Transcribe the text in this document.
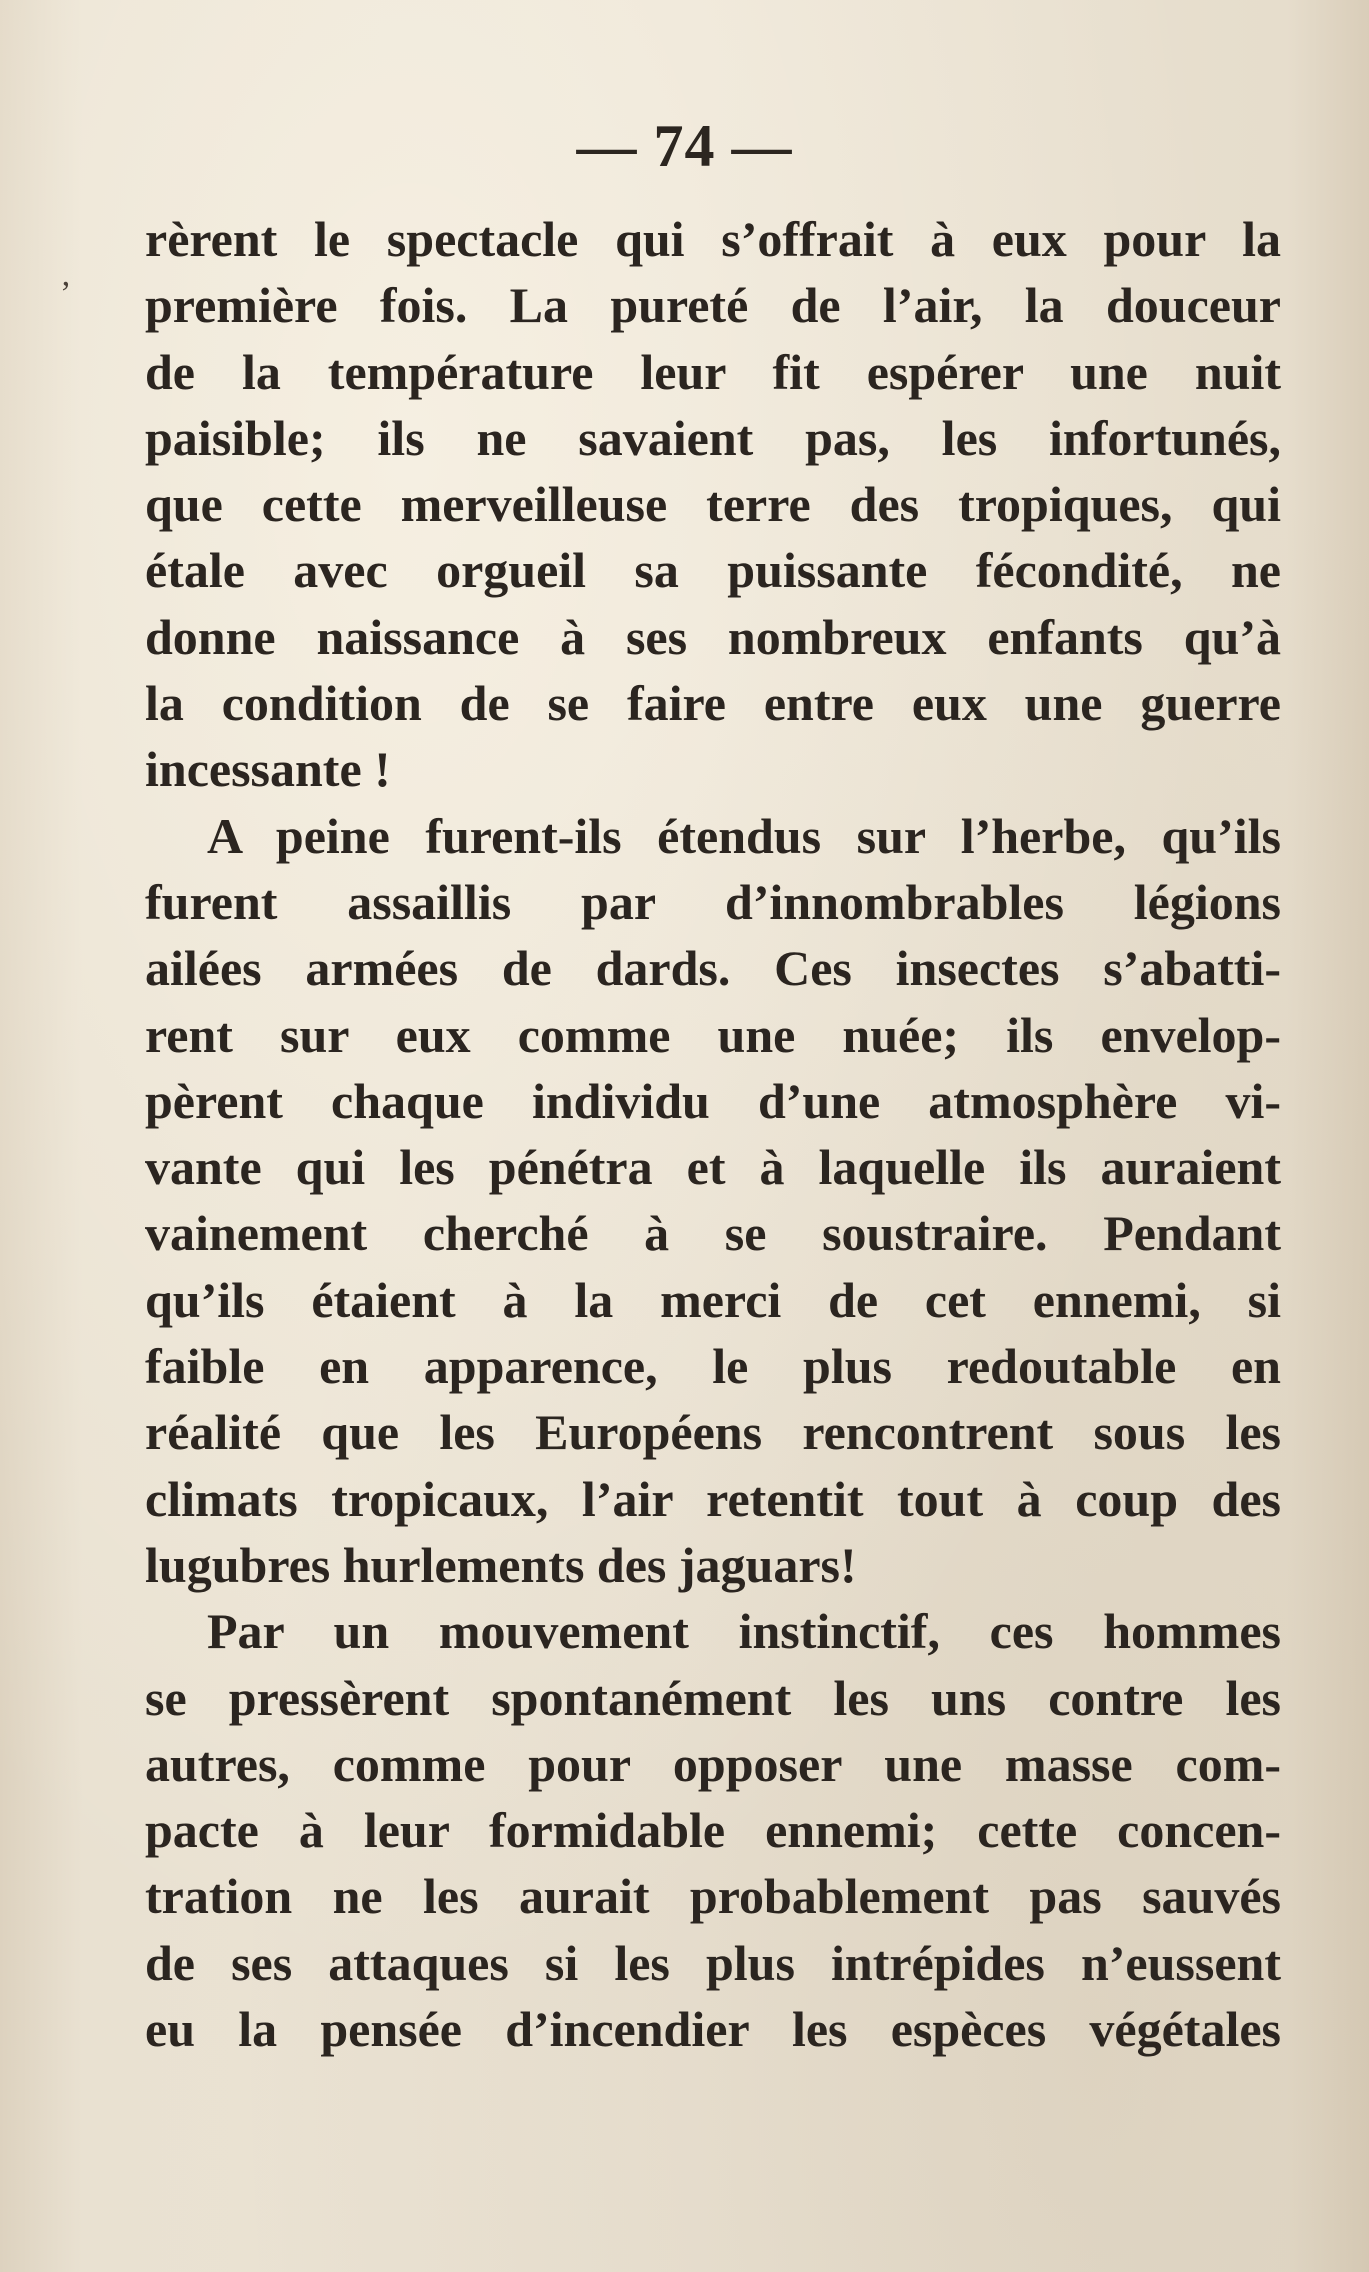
’
— 74 —
rèrent le spectacle qui s’offrait à eux pour la
première fois. La pureté de l’air, la douceur
de la température leur fit espérer une nuit
paisible; ils ne savaient pas, les infortunés,
que cette merveilleuse terre des tropiques, qui
étale avec orgueil sa puissante fécondité, ne
donne naissance à ses nombreux enfants qu’à
la condition de se faire entre eux une guerre
incessante !
A peine furent-ils étendus sur l’herbe, qu’ils
furent assaillis par d’innombrables légions
ailées armées de dards. Ces insectes s’abatti-
rent sur eux comme une nuée; ils envelop-
pèrent chaque individu d’une atmosphère vi-
vante qui les pénétra et à laquelle ils auraient
vainement cherché à se soustraire. Pendant
qu’ils étaient à la merci de cet ennemi, si
faible en apparence, le plus redoutable en
réalité que les Européens rencontrent sous les
climats tropicaux, l’air retentit tout à coup des
lugubres hurlements des jaguars!
Par un mouvement instinctif, ces hommes
se pressèrent spontanément les uns contre les
autres, comme pour opposer une masse com-
pacte à leur formidable ennemi; cette concen-
tration ne les aurait probablement pas sauvés
de ses attaques si les plus intrépides n’eussent
eu la pensée d’incendier les espèces végétales
